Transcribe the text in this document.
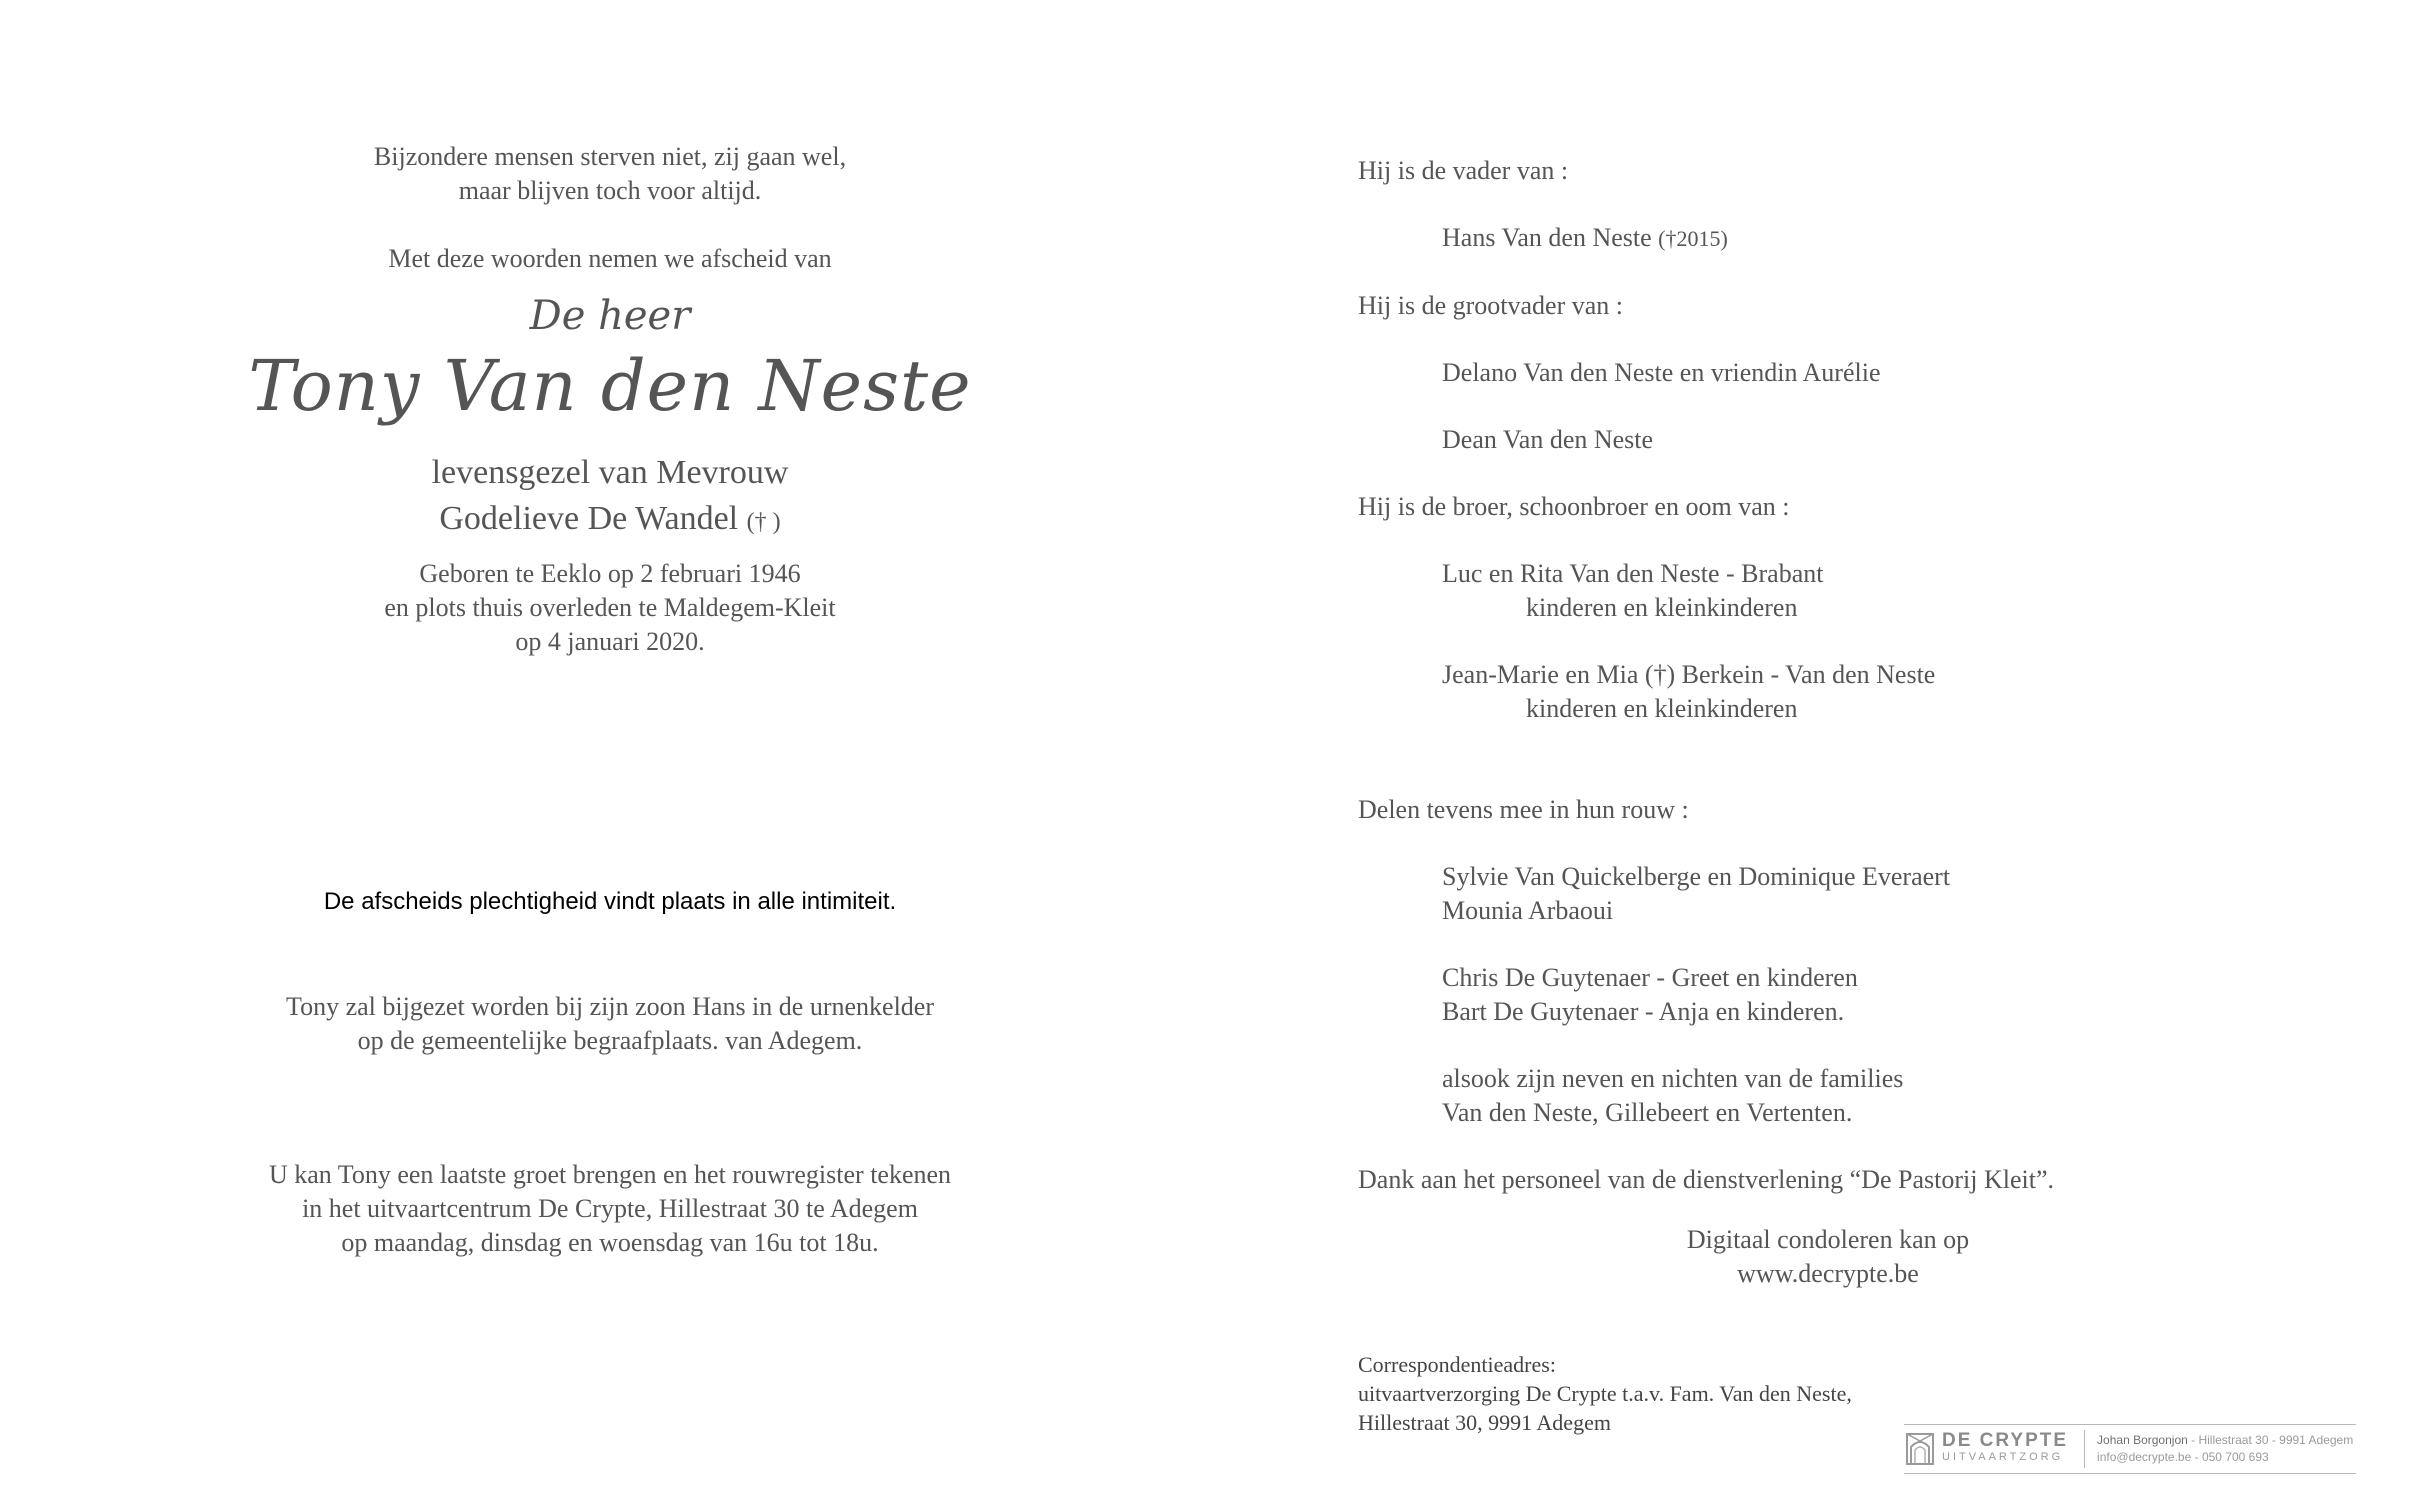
Bijzondere mensen sterven niet, zij gaan wel,
maar blijven toch voor altijd.
Met deze woorden nemen we afscheid van
De heer
Tony Van den Neste
levensgezel van Mevrouw
Godelieve De Wandel († )
Geboren te Eeklo op 2 februari 1946
en plots thuis overleden te Maldegem-Kleit
op 4 januari 2020.
De afscheids plechtigheid vindt plaats in alle intimiteit.
Tony zal bijgezet worden bij zijn zoon Hans in de urnenkelder
op de gemeentelijke begraafplaats. van Adegem.
U kan Tony een laatste groet brengen en het rouwregister tekenen
in het uitvaartcentrum De Crypte, Hillestraat 30 te Adegem
op maandag, dinsdag en woensdag van 16u tot 18u.
Hij is de vader van :
Hans Van den Neste (†2015)
Hij is de grootvader van :
Delano Van den Neste en vriendin Aurélie
Dean Van den Neste
Hij is de broer, schoonbroer en oom van :
Luc en Rita Van den Neste - Brabant
kinderen en kleinkinderen
Jean-Marie en Mia (†) Berkein - Van den Neste
kinderen en kleinkinderen
Delen tevens mee in hun rouw :
Sylvie Van Quickelberge en Dominique Everaert
Mounia Arbaoui
Chris De Guytenaer - Greet en kinderen
Bart De Guytenaer - Anja en kinderen.
alsook zijn neven en nichten van de families
Van den Neste, Gillebeert en Vertenten.
Dank aan het personeel van de dienstverlening “De Pastorij Kleit”.
Digitaal condoleren kan op
www.decrypte.be
Correspondentieadres:
uitvaartverzorging De Crypte t.a.v. Fam. Van den Neste,
Hillestraat 30, 9991 Adegem
DE CRYPTE
UITVAARTZORG
Johan Borgonjon - Hillestraat 30 - 9991 Adegem
info@decrypte.be - 050 700 693
